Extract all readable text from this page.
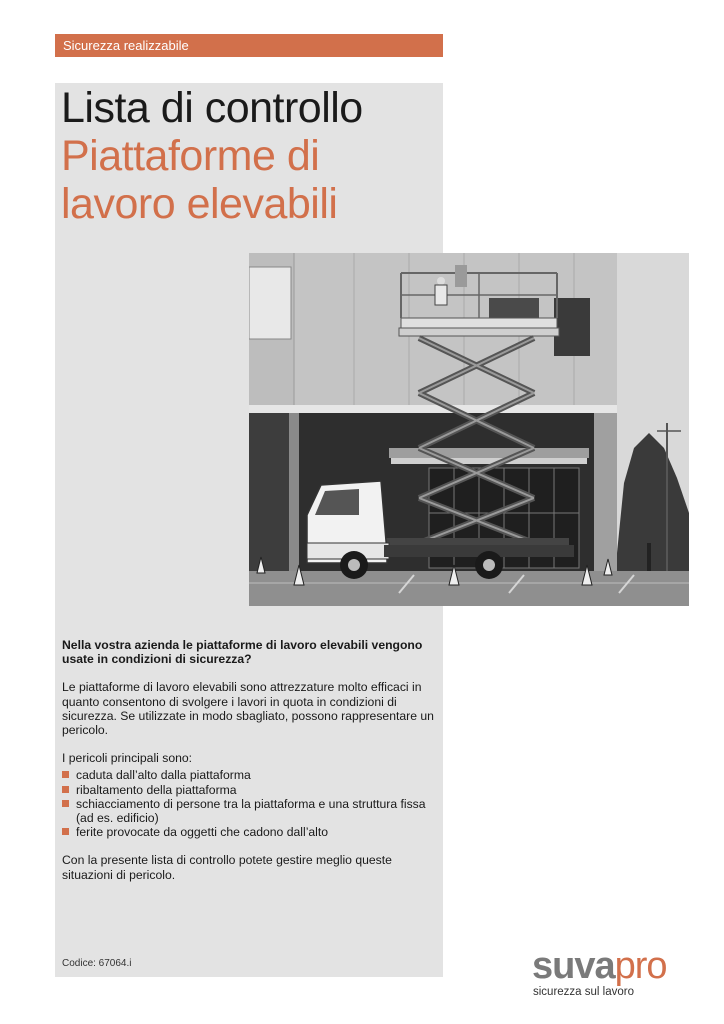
Sicurezza realizzabile
Lista di controllo
Piattaforme di
lavoro elevabili

Nella vostra azienda le piattaforme di lavoro elevabili vengono usate in condizioni di sicurezza?

Le piattaforme di lavoro elevabili sono attrezzature molto efficaci in quanto consentono di svolgere i lavori in quota in condizioni di sicurezza. Se utilizzate in modo sbagliato, possono rappresentare un pericolo.

I pericoli principali sono:

caduta dall’alto dalla piattaforma
ribaltamento della piattaforma
schiacciamento di persone tra la piattaforma e una struttura fissa (ad es. edificio)
ferite provocate da oggetti che cadono dall’alto

Con la presente lista di controllo potete gestire meglio queste situazioni di pericolo.

Codice: 67064.i	suvapro
sicurezza sul lavoro
